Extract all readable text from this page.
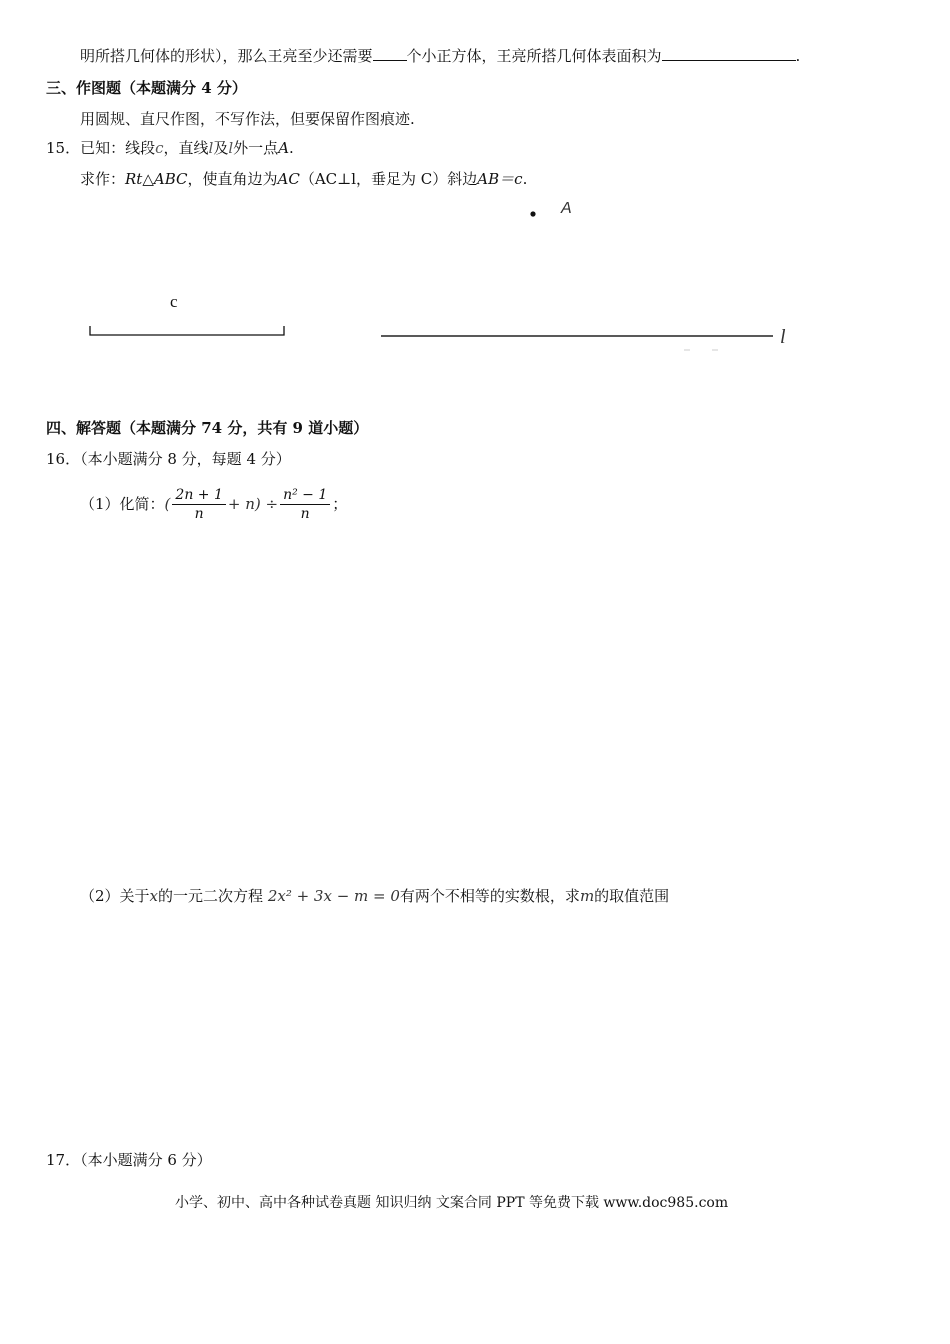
明所搭几何体的形状），那么王亮至少还需要 个小正方体，王亮所搭几何体表面积为	.
三、作图题（本题满分 4 分）
用圆规、直尺作图，不写作法，但要保留作图痕迹.
15．已知：线段c，直线l及l外一点A.
求作：Rt△ABC，使直角边为AC（AC⊥l，垂足为 C）斜边AB＝c.
A
c
l
四、解答题（本题满分 74 分，共有 9 道小题）
16．（本小题满分 8 分，每题 4 分）
（1）化简： ( $\frac{2n + 1}{n} + n) \div \frac{\text{n² − 1}}{n}$ ；
（2）关于x的一元二次方程 2x² + 3x − m = 0有两个不相等的实数根，求m的取值范围
17．（本小题满分 6 分）
小学、初中、高中各种试卷真题 知识归纳 文案合同 PPT 等免费下载 www.doc985.com
